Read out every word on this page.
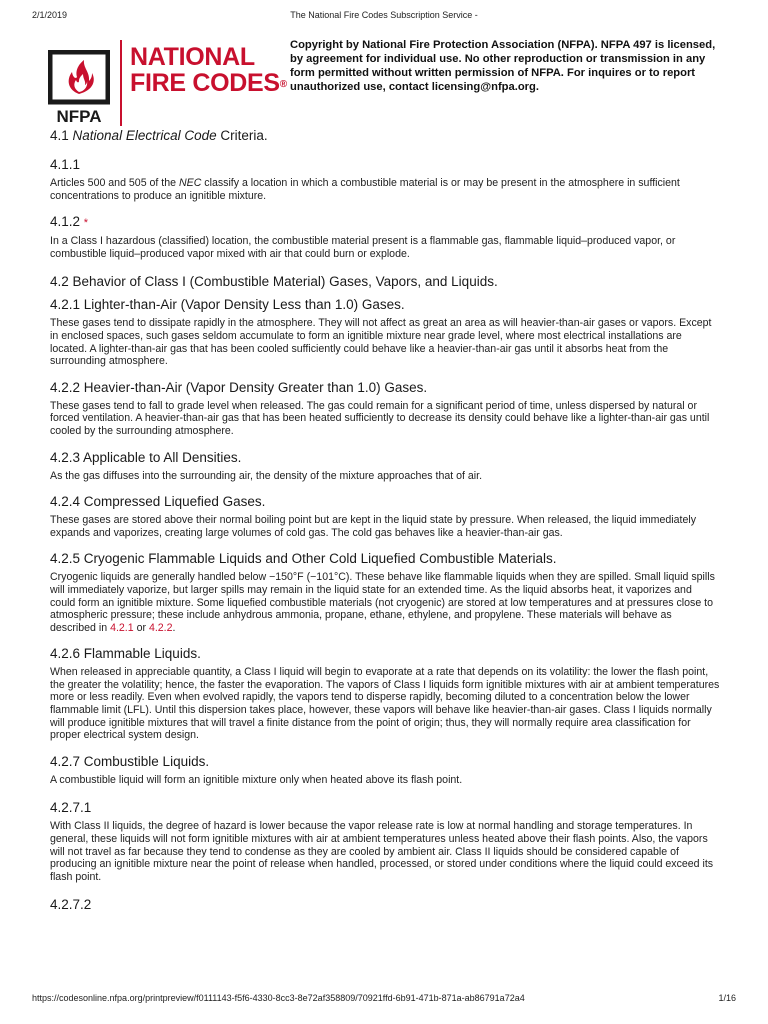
2/1/2019	The National Fire Codes Subscription Service -
NFPA
NATIONAL
FIRE CODES®
Copyright by National Fire Protection Association (NFPA). NFPA 497 is licensed, by agreement for individual use. No other reproduction or transmission in any form permitted without written permission of NFPA. For inquires or to report unauthorized use, contact licensing@nfpa.org.
4.1 National Electrical Code Criteria.
4.1.1

Articles 500 and 505 of the NEC classify a location in which a combustible material is or may be present in the atmosphere in sufficient concentrations to produce an ignitible mixture.

4.1.2 *

In a Class I hazardous (classified) location, the combustible material present is a flammable gas, flammable liquid–produced vapor, or combustible liquid–produced vapor mixed with air that could burn or explode.

4.2 Behavior of Class I (Combustible Material) Gases, Vapors, and Liquids.
4.2.1 Lighter-than-Air (Vapor Density Less than 1.0) Gases.

These gases tend to dissipate rapidly in the atmosphere. They will not affect as great an area as will heavier-than-air gases or vapors. Except in enclosed spaces, such gases seldom accumulate to form an ignitible mixture near grade level, where most electrical installations are located. A lighter-than-air gas that has been cooled sufficiently could behave like a heavier-than-air gas until it absorbs heat from the surrounding atmosphere.

4.2.2 Heavier-than-Air (Vapor Density Greater than 1.0) Gases.

These gases tend to fall to grade level when released. The gas could remain for a significant period of time, unless dispersed by natural or forced ventilation. A heavier-than-air gas that has been heated sufficiently to decrease its density could behave like a lighter-than-air gas until cooled by the surrounding atmosphere.

4.2.3 Applicable to All Densities.

As the gas diffuses into the surrounding air, the density of the mixture approaches that of air.

4.2.4 Compressed Liquefied Gases.

These gases are stored above their normal boiling point but are kept in the liquid state by pressure. When released, the liquid immediately expands and vaporizes, creating large volumes of cold gas. The cold gas behaves like a heavier-than-air gas.

4.2.5 Cryogenic Flammable Liquids and Other Cold Liquefied Combustible Materials.

Cryogenic liquids are generally handled below −150°F (−101°C). These behave like flammable liquids when they are spilled. Small liquid spills will immediately vaporize, but larger spills may remain in the liquid state for an extended time. As the liquid absorbs heat, it vaporizes and could form an ignitible mixture. Some liquefied combustible materials (not cryogenic) are stored at low temperatures and at pressures close to atmospheric pressure; these include anhydrous ammonia, propane, ethane, ethylene, and propylene. These materials will behave as described in 4.2.1 or 4.2.2.

4.2.6 Flammable Liquids.

When released in appreciable quantity, a Class I liquid will begin to evaporate at a rate that depends on its volatility: the lower the flash point, the greater the volatility; hence, the faster the evaporation. The vapors of Class I liquids form ignitible mixtures with air at ambient temperatures more or less readily. Even when evolved rapidly, the vapors tend to disperse rapidly, becoming diluted to a concentration below the lower flammable limit (LFL). Until this dispersion takes place, however, these vapors will behave like heavier-than-air gases. Class I liquids normally will produce ignitible mixtures that will travel a finite distance from the point of origin; thus, they will normally require area classification for proper electrical system design.

4.2.7 Combustible Liquids.

A combustible liquid will form an ignitible mixture only when heated above its flash point.

4.2.7.1

With Class II liquids, the degree of hazard is lower because the vapor release rate is low at normal handling and storage temperatures. In general, these liquids will not form ignitible mixtures with air at ambient temperatures unless heated above their flash points. Also, the vapors will not travel as far because they tend to condense as they are cooled by ambient air. Class II liquids should be considered capable of producing an ignitible mixture near the point of release when handled, processed, or stored under conditions where the liquid could exceed its flash point.

4.2.7.2
https://codesonline.nfpa.org/printpreview/f0111143-f5f6-4330-8cc3-8e72af358809/70921ffd-6b91-471b-871a-ab86791a72a4	1/16
